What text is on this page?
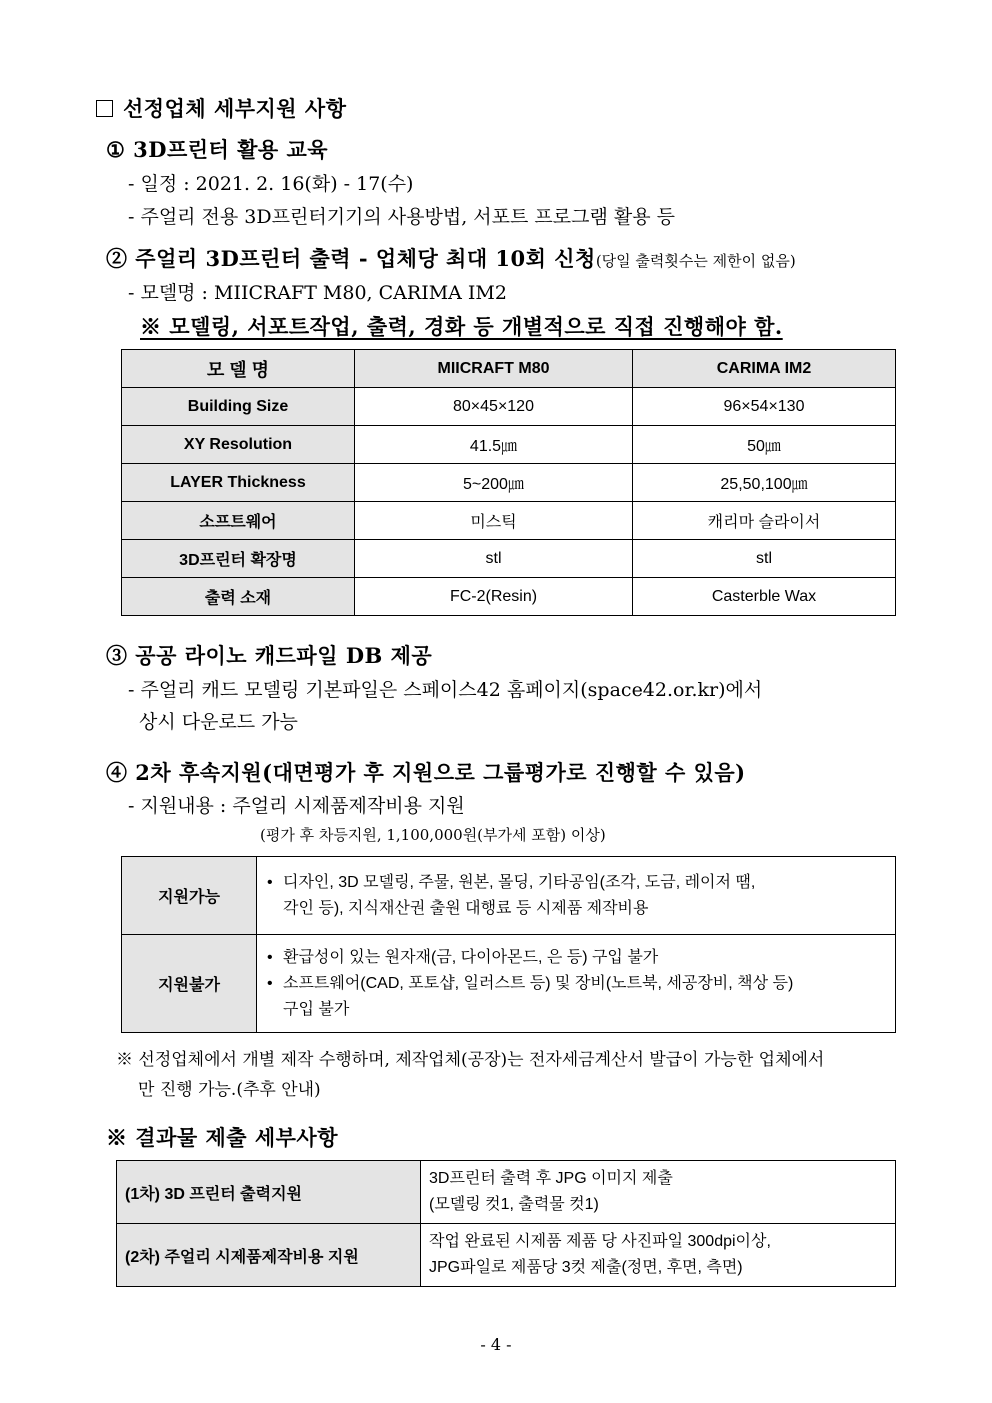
선정업체 세부지원 사항
① 3D프린터 활용 교육
- 일정 : 2021. 2. 16(화) - 17(수)
- 주얼리 전용 3D프린터기기의 사용방법, 서포트 프로그램 활용 등
② 주얼리 3D프린터 출력 - 업체당 최대 10회 신청(당일 출력횟수는 제한이 없음)
- 모델명 : MIICRAFT M80, CARIMA IM2
※ 모델링, 서포트작업, 출력, 경화 등 개별적으로 직접 진행해야 함.
모 델 명	MIICRAFT M80	CARIMA IM2
Building Size	80×45×120	96×54×130
XY Resolution	41.5㎛	50㎛
LAYER Thickness	5~200㎛	25,50,100㎛
소프트웨어	미스틱	캐리마 슬라이서
3D프린터 확장명	stl	stl
출력 소재	FC-2(Resin)	Casterble Wax
③ 공공 라이노 캐드파일 DB 제공
- 주얼리 캐드 모델링 기본파일은 스페이스42 홈페이지(space42.or.kr)에서
상시 다운로드 가능
④ 2차 후속지원(대면평가 후 지원으로 그룹평가로 진행할 수 있음)
- 지원내용 : 주얼리 시제품제작비용 지원
(평가 후 차등지원, 1,100,000원(부가세 포함) 이상)
지원가능	• 디자인, 3D 모델링, 주물, 원본, 몰딩, 기타공임(조각, 도금, 레이저 땜,
각인 등), 지식재산권 출원 대행료 등 시제품 제작비용

지원불가	• 환급성이 있는 원자재(금, 다이아몬드, 은 등) 구입 불가
• 소프트웨어(CAD, 포토샵, 일러스트 등) 및 장비(노트북, 세공장비, 책상 등)
구입 불가
※ 선정업체에서 개별 제작 수행하며, 제작업체(공장)는 전자세금계산서 발급이 가능한 업체에서
만 진행 가능.(추후 안내)
※ 결과물 제출 세부사항
(1차) 3D 프린터 출력지원	3D프린터 출력 후 JPG 이미지 제출
(모델링 컷1, 출력물 컷1)

(2차) 주얼리 시제품제작비용 지원	작업 완료된 시제품 제품 당 사진파일 300dpi이상,
JPG파일로 제품당 3컷 제출(정면, 후면, 측면)
- 4 -
